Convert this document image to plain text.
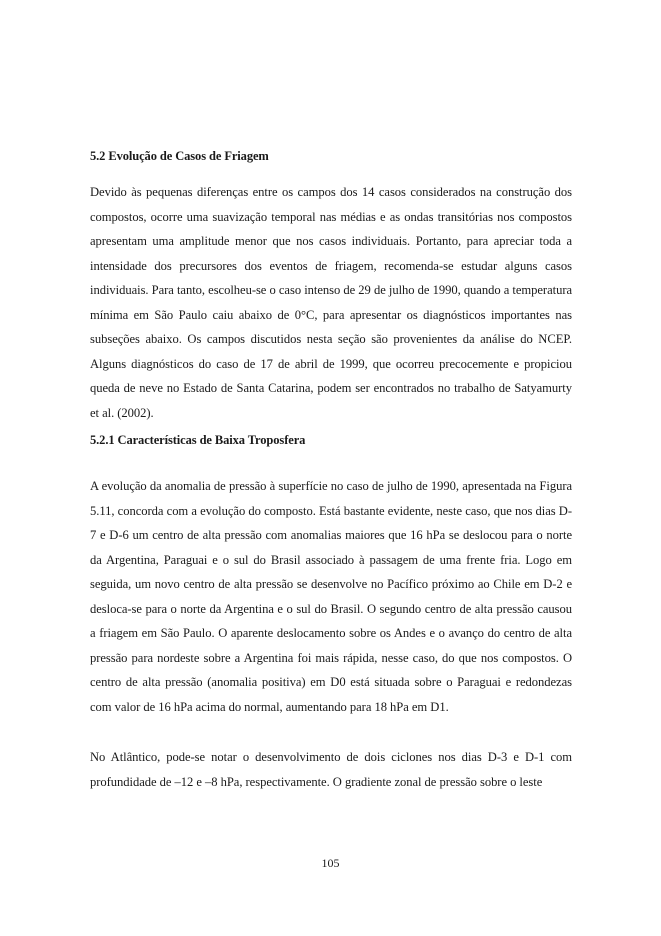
5.2 Evolução de Casos de Friagem

Devido às pequenas diferenças entre os campos dos 14 casos considerados na construção dos compostos, ocorre uma suavização temporal nas médias e as ondas transitórias nos compostos apresentam uma amplitude menor que nos casos individuais. Portanto, para apreciar toda a intensidade dos precursores dos eventos de friagem, recomenda-se estudar alguns casos individuais. Para tanto, escolheu-se o caso intenso de 29 de julho de 1990, quando a temperatura mínima em São Paulo caiu abaixo de 0°C, para apresentar os diagnósticos importantes nas subseções abaixo. Os campos discutidos nesta seção são provenientes da análise do NCEP. Alguns diagnósticos do caso de 17 de abril de 1999, que ocorreu precocemente e propiciou queda de neve no Estado de Santa Catarina, podem ser encontrados no trabalho de Satyamurty et al. (2002).

5.2.1 Características de Baixa Troposfera

A evolução da anomalia de pressão à superfície no caso de julho de 1990, apresentada na Figura 5.11, concorda com a evolução do composto. Está bastante evidente, neste caso, que nos dias D-7 e D-6 um centro de alta pressão com anomalias maiores que 16 hPa se deslocou para o norte da Argentina, Paraguai e o sul do Brasil associado à passagem de uma frente fria. Logo em seguida, um novo centro de alta pressão se desenvolve no Pacífico próximo ao Chile em D-2 e desloca-se para o norte da Argentina e o sul do Brasil. O segundo centro de alta pressão causou a friagem em São Paulo. O aparente deslocamento sobre os Andes e o avanço do centro de alta pressão para nordeste sobre a Argentina foi mais rápida, nesse caso, do que nos compostos. O centro de alta pressão (anomalia positiva) em D0 está situada sobre o Paraguai e redondezas com valor de 16 hPa acima do normal, aumentando para 18 hPa em D1.

No Atlântico, pode-se notar o desenvolvimento de dois ciclones nos dias D-3 e D-1 com profundidade de –12 e –8 hPa, respectivamente. O gradiente zonal de pressão sobre o leste

105
